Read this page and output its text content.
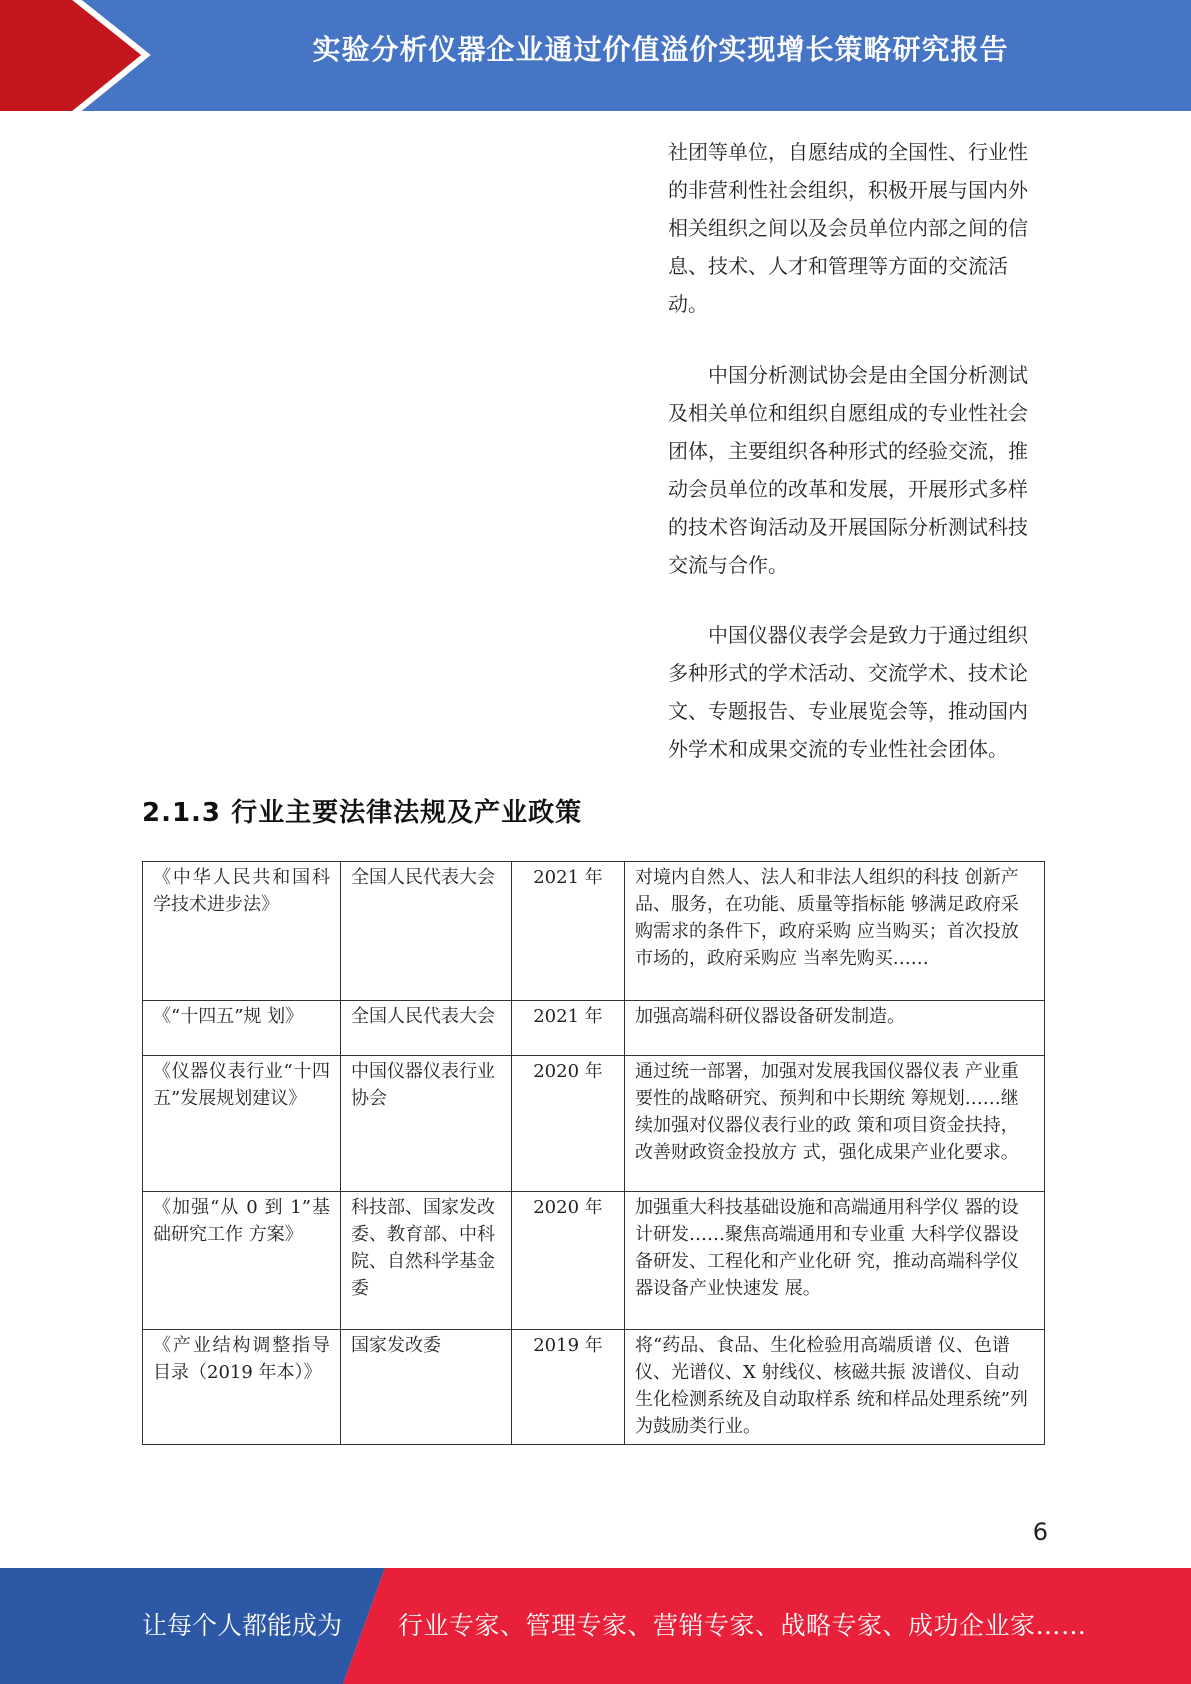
实验分析仪器企业通过价值溢价实现增长策略研究报告

社团等单位，自愿结成的全国性、行业性的非营利性社会组织，积极开展与国内外相关组织之间以及会员单位内部之间的信息、技术、人才和管理等方面的交流活动。

中国分析测试协会是由全国分析测试及相关单位和组织自愿组成的专业性社会团体，主要组织各种形式的经验交流，推动会员单位的改革和发展，开展形式多样的技术咨询活动及开展国际分析测试科技交流与合作。

中国仪器仪表学会是致力于通过组织多种形式的学术活动、交流学术、技术论文、专题报告、专业展览会等，推动国内外学术和成果交流的专业性社会团体。

2.1.3 行业主要法律法规及产业政策
《中华人民共和国科学技术进步法》	全国人民代表大会	2021 年	对境内自然人、法人和非法人组织的科技 创新产品、服务，在功能、质量等指标能 够满足政府采购需求的条件下，政府采购 应当购买；首次投放市场的，政府采购应 当率先购买……
《“十四五”规 划》	全国人民代表大会	2021 年	加强高端科研仪器设备研发制造。
《仪器仪表行业“十四五”发展规划建议》	中国仪器仪表行业协会	2020 年	通过统一部署，加强对发展我国仪器仪表 产业重要性的战略研究、预判和中长期统 筹规划……继续加强对仪器仪表行业的政 策和项目资金扶持，改善财政资金投放方 式，强化成果产业化要求。
《加强“从 0 到 1”基础研究工作 方案》	科技部、国家发改委、教育部、中科院、自然科学基金委	2020 年	加强重大科技基础设施和高端通用科学仪 器的设计研发……聚焦高端通用和专业重 大科学仪器设备研发、工程化和产业化研 究，推动高端科学仪器设备产业快速发 展。
《产业结构调整指导目录（2019 年本）》	国家发改委	2019 年	将“药品、食品、生化检验用高端质谱 仪、色谱仪、光谱仪、X 射线仪、核磁共振 波谱仪、自动生化检测系统及自动取样系 统和样品处理系统”列为鼓励类行业。
6
让每个人都能成为 行业专家、管理专家、营销专家、战略专家、成功企业家……
